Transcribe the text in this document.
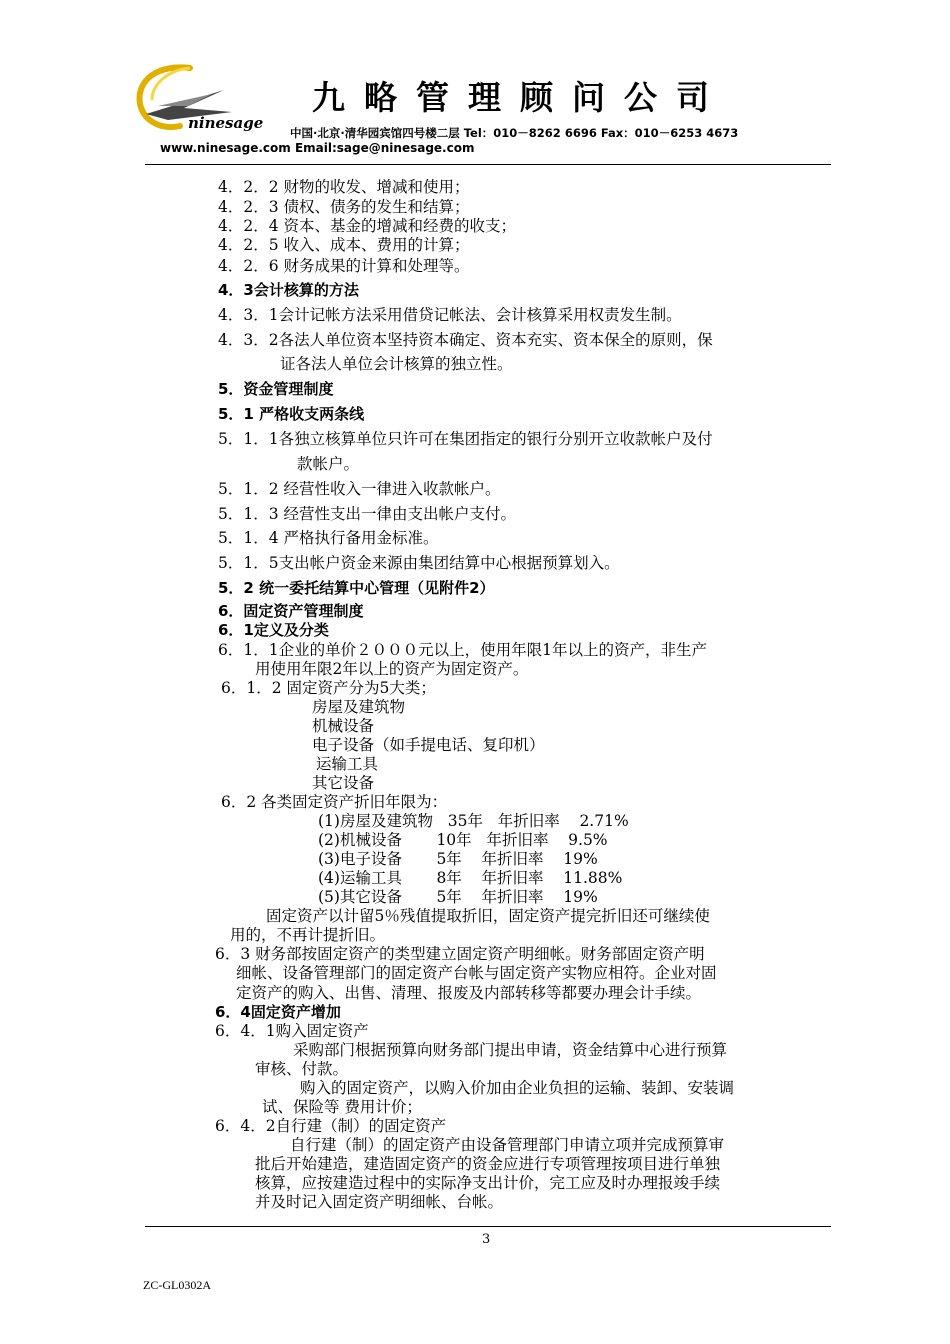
ninesage
九略管理顾问公司
中国·北京·清华园宾馆四号楼二层 Tel：010－8262 6696 Fax：010－6253 4673
www.ninesage.com Email:sage@ninesage.com
4．2．2 财物的收发、增减和使用；
4．2．3 债权、债务的发生和结算；
4．2．4 资本、基金的增减和经费的收支；
4．2．5 收入、成本、费用的计算；
4．2．6 财务成果的计算和处理等。
4．3会计核算的方法
4．3．1会计记帐方法采用借贷记帐法、会计核算采用权责发生制。
4．3．2各法人单位资本坚持资本确定、资本充实、资本保全的原则，保
证各法人单位会计核算的独立性。
5．资金管理制度
5．1 严格收支两条线
5．1．1各独立核算单位只许可在集团指定的银行分别开立收款帐户及付
款帐户。
5．1．2 经营性收入一律进入收款帐户。
5．1．3 经营性支出一律由支出帐户支付。
5．1．4 严格执行备用金标准。
5．1．5支出帐户资金来源由集团结算中心根据预算划入。
5．2 统一委托结算中心管理（见附件2）
6．固定资产管理制度
6．1定义及分类
6．1．1企业的单价２０００元以上，使用年限1年以上的资产，非生产
用使用年限2年以上的资产为固定资产。
6．1．2 固定资产分为5大类；
房屋及建筑物
机械设备
电子设备（如手提电话、复印机）
运输工具
其它设备
6．2 各类固定资产折旧年限为：
(1)房屋及建筑物   35年   年折旧率    2.71%
(2)机械设备       10年   年折旧率    9.5%
(3)电子设备       5年    年折旧率    19%
(4)运输工具       8年    年折旧率    11.88%
(5)其它设备       5年    年折旧率    19%
固定资产以计留5％残值提取折旧，固定资产提完折旧还可继续使
用的，不再计提折旧。
6．3 财务部按固定资产的类型建立固定资产明细帐。财务部固定资产明
细帐、设备管理部门的固定资产台帐与固定资产实物应相符。企业对固
定资产的购入、出售、清理、报废及内部转移等都要办理会计手续。
6．4固定资产增加
6．4．1购入固定资产
采购部门根据预算向财务部门提出申请，资金结算中心进行预算
审核、付款。
购入的固定资产，以购入价加由企业负担的运输、装卸、安装调
试、保险等 费用计价；
6．4．2自行建（制）的固定资产
自行建（制）的固定资产由设备管理部门申请立项并完成预算审
批后开始建造，建造固定资产的资金应进行专项管理按项目进行单独
核算，应按建造过程中的实际净支出计价，完工应及时办理报竣手续
并及时记入固定资产明细帐、台帐。
3
ZC-GL0302A
